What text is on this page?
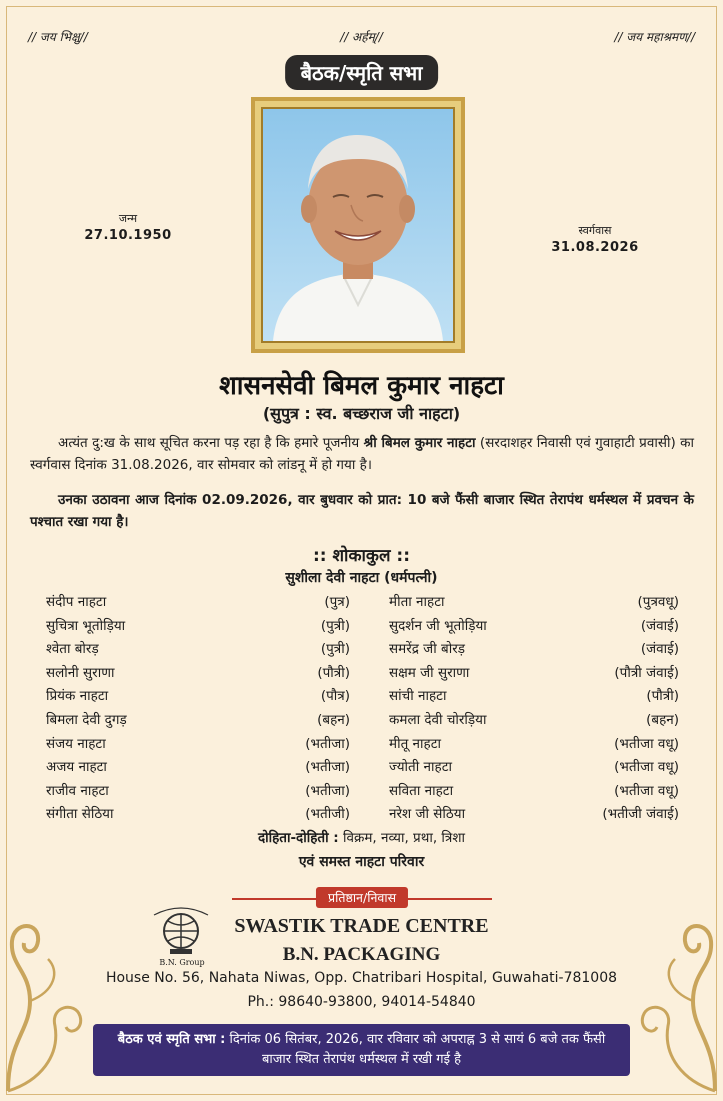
// जय भिक्षु//	// अर्हम्//	// जय महाश्रमण//
बैठक/स्मृति सभा
जन्म
27.10.1950	स्वर्गवास
31.08.2026
शासनसेवी बिमल कुमार नाहटा
(सुपुत्र : स्व. बच्छराज जी नाहटा)
अत्यंत दु:ख के साथ सूचित करना पड़ रहा है कि हमारे पूजनीय श्री बिमल कुमार नाहटा (सरदाशहर निवासी एवं गुवाहाटी प्रवासी) का स्वर्गवास दिनांक 31.08.2026, वार सोमवार को लांडनू में हो गया है।
उनका उठावना आज दिनांक 02.09.2026, वार बुधवार को प्रात: 10 बजे फैंसी बाजार स्थित तेरापंथ धर्मस्थल में प्रवचन के पश्चात रखा गया है।
:: शोकाकुल ::
सुशीला देवी नाहटा (धर्मपत्नी)
संदीप नाहटा	(पुत्र)	मीता नाहटा	(पुत्रवधू)
सुचित्रा भूतोड़िया	(पुत्री)	सुदर्शन जी भूतोड़िया	(जंवाई)
श्वेता बोरड़	(पुत्री)	समरेंद्र जी बोरड़	(जंवाई)
सलोनी सुराणा	(पौत्री)	सक्षम जी सुराणा	(पौत्री जंवाई)
प्रियंक नाहटा	(पौत्र)	सांची नाहटा	(पौत्री)
बिमला देवी दुगड़	(बहन)	कमला देवी चोरड़िया	(बहन)
संजय नाहटा	(भतीजा)	मीतू नाहटा	(भतीजा वधू)
अजय नाहटा	(भतीजा)	ज्योती नाहटा	(भतीजा वधू)
राजीव नाहटा	(भतीजा)	सविता नाहटा	(भतीजा वधू)
संगीता सेठिया	(भतीजी)	नरेश जी सेठिया	(भतीजी जंवाई)
दोहिता-दोहिती : विक्रम, नव्या, प्रथा, त्रिशा
एवं समस्त नाहटा परिवार
प्रतिष्ठान/निवास
B.N. Group
SWASTIK TRADE CENTRE
B.N. PACKAGING
House No. 56, Nahata Niwas, Opp. Chatribari Hospital, Guwahati-781008
Ph.: 98640-93800, 94014-54840
बैठक एवं स्मृति सभा : दिनांक 06 सितंबर, 2026, वार रविवार को अपराह्न 3 से सायं 6 बजे तक फैंसी बाजार स्थित तेरापंथ धर्मस्थल में रखी गई है
